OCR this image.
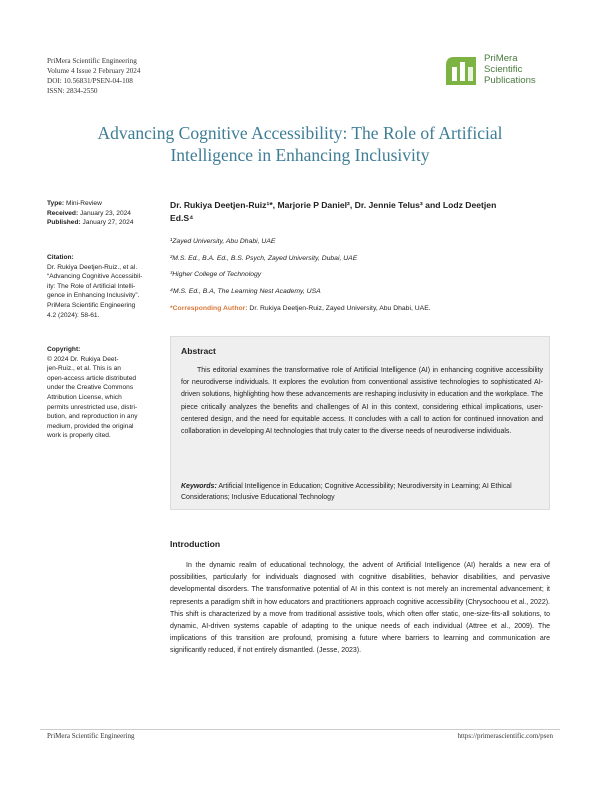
PriMera Scientific Engineering
Volume 4 Issue 2 February 2024
DOI: 10.56831/PSEN-04-108
ISSN: 2834-2550
PriMera
Scientific
Publications
Advancing Cognitive Accessibility: The Role of Artificial
Intelligence in Enhancing Inclusivity
Type: Mini-Review
Received: January 23, 2024
Published: January 27, 2024
Citation:
Dr. Rukiya Deetjen-Ruiz., et al.
“Advancing Cognitive Accessibil-
ity: The Role of Artificial Intelli-
gence in Enhancing Inclusivity”.
PriMera Scientific Engineering
4.2 (2024): 58-61.
Copyright:
© 2024 Dr. Rukiya Deet-
jen-Ruiz., et al. This is an
open-access article distributed
under the Creative Commons
Attribution License, which
permits unrestricted use, distri-
bution, and reproduction in any
medium, provided the original
work is properly cited.
Dr. Rukiya Deetjen-Ruiz¹*, Marjorie P Daniel², Dr. Jennie Telus³ and Lodz Deetjen
Ed.S⁴
¹Zayed University, Abu Dhabi, UAE
²M.S. Ed., B.A. Ed., B.S. Psych, Zayed University, Dubai, UAE
³Higher College of Technology
⁴M.S. Ed., B.A, The Learning Nest Academy, USA
*Corresponding Author: Dr. Rukiya Deetjen-Ruiz, Zayed University, Abu Dhabi, UAE.
Abstract
This editorial examines the transformative role of Artificial Intelligence (AI) in enhancing cognitive accessibility for neurodiverse individuals. It explores the evolution from conventional assistive technologies to sophisticated AI-driven solutions, highlighting how these advancements are reshaping inclusivity in education and the workplace. The piece critically analyzes the benefits and challenges of AI in this context, considering ethical implications, user-centered design, and the need for equitable access. It concludes with a call to action for continued innovation and collaboration in developing AI technologies that truly cater to the diverse needs of neurodiverse individuals.
Keywords: Artificial Intelligence in Education; Cognitive Accessibility; Neurodiversity in Learning; AI Ethical Considerations; Inclusive Educational Technology
Introduction
In the dynamic realm of educational technology, the advent of Artificial Intelligence (AI) heralds a new era of possibilities, particularly for individuals diagnosed with cognitive disabilities, behavior disabilities, and pervasive developmental disorders. The transformative potential of AI in this context is not merely an incremental advancement; it represents a paradigm shift in how educators and practitioners approach cognitive accessibility (Chrysochoou et al., 2022). This shift is characterized by a move from traditional assistive tools, which often offer static, one-size-fits-all solutions, to dynamic, AI-driven systems capable of adapting to the unique needs of each individual (Attree et al., 2009). The implications of this transition are profound, promising a future where barriers to learning and communication are significantly reduced, if not entirely dismantled. (Jesse, 2023).
PriMera Scientific Engineering	https://primerascientific.com/psen
